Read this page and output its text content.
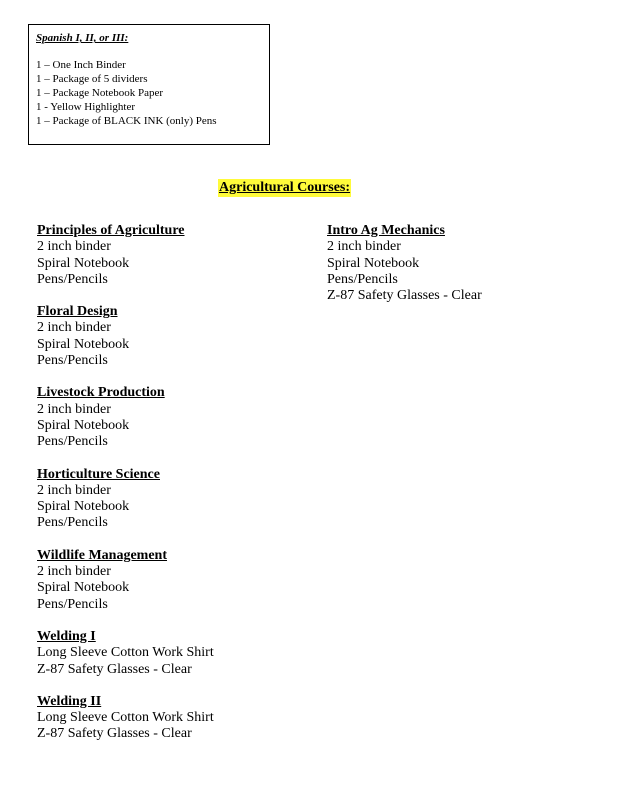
Spanish I, II, or III:
1 – One Inch Binder
1 – Package of 5 dividers
1 – Package Notebook Paper
1 - Yellow Highlighter
1 – Package of BLACK INK (only) Pens
Agricultural Courses:
Principles of Agriculture
2 inch binder
Spiral Notebook
Pens/Pencils
Floral Design
2 inch binder
Spiral Notebook
Pens/Pencils
Livestock Production
2 inch binder
Spiral Notebook
Pens/Pencils
Horticulture Science
2 inch binder
Spiral Notebook
Pens/Pencils
Wildlife Management
2 inch binder
Spiral Notebook
Pens/Pencils
Welding I
Long Sleeve Cotton Work Shirt
Z-87 Safety Glasses - Clear
Welding II
Long Sleeve Cotton Work Shirt
Z-87 Safety Glasses - Clear
Intro Ag Mechanics
2 inch binder
Spiral Notebook
Pens/Pencils
Z-87 Safety Glasses - Clear
